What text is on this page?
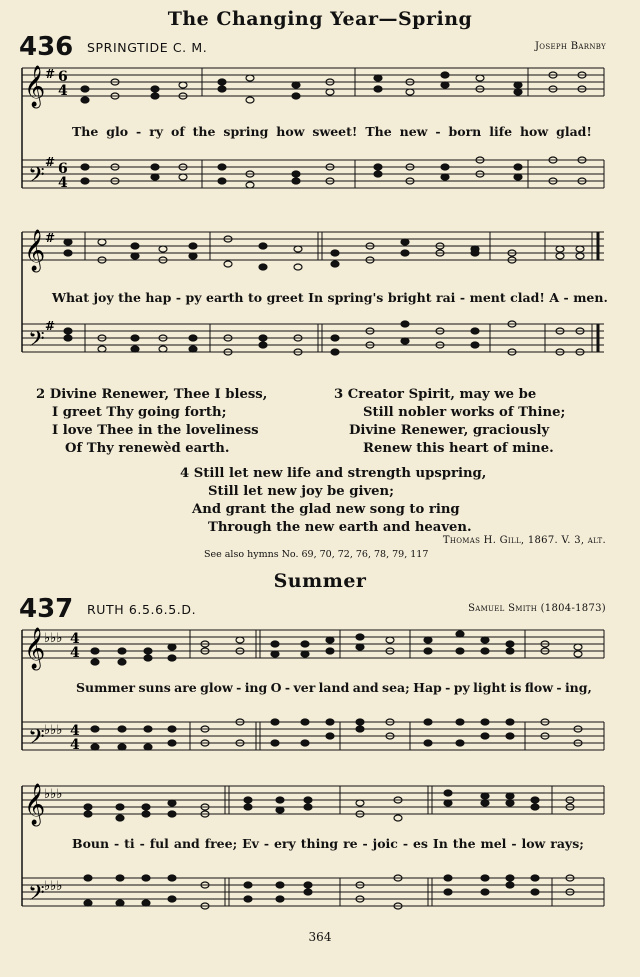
The Changing Year—Spring
436 SPRINGTIDE C. M.	Joseph Barnby
𝄞
𝄢
# 6
4
# 6
4
The glo - ry of the spring how sweet! The new - born life how glad!
𝄞
𝄢
#
#
What joy the hap - py earth to greet In spring's bright rai - ment clad! A - men.
2 Divine Renewer, Thee I bless,
I greet Thy going forth;
I love Thee in the loveliness
Of Thy renewèd earth.
3 Creator Spirit, may we be
Still nobler works of Thine;
Divine Renewer, graciously
Renew this heart of mine.
4 Still let new life and strength upspring,
Still let new joy be given;
And grant the glad new song to ring
Through the new earth and heaven.
Thomas H. Gill, 1867. V. 3, alt.
See also hymns No. 69, 70, 72, 76, 78, 79, 117
Summer
437 RUTH 6.5.6.5.D.	Samuel Smith (1804-1873)
𝄞
𝄢
♭♭♭
♭♭♭
4
4
4
4
Summer suns are glow - ing O - ver land and sea; Hap - py light is flow - ing,
𝄞
𝄢
♭♭♭
♭♭♭
Boun - ti - ful and free; Ev - ery thing re - joic - es In the mel - low rays;
364
